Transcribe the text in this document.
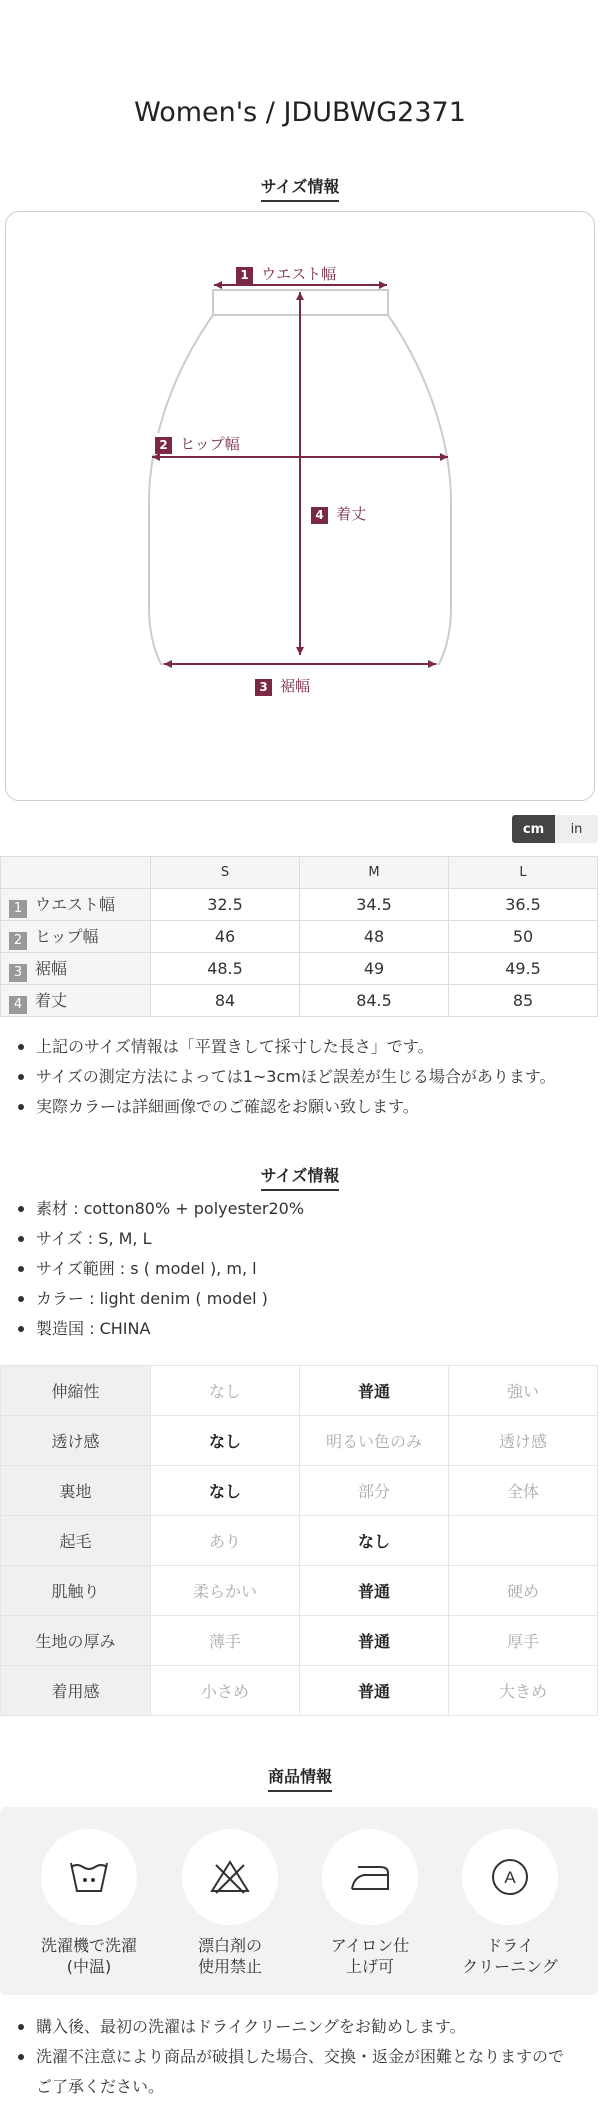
Women's / JDUBWG2371
サイズ情報
1 ウエスト幅
2 ヒップ幅
4 着丈
3 裾幅
cm	in
	S	M	L
1 ウエスト幅	32.5	34.5	36.5
2 ヒップ幅	46	48	50
3 裾幅	48.5	49	49.5
4 着丈	84	84.5	85
上記のサイズ情報は「平置きして採寸した長さ」です。
サイズの測定方法によっては1~3cmほど誤差が生じる場合があります。
実際カラーは詳細画像でのご確認をお願い致します。
サイズ情報
素材 : cotton80% + polyester20%
サイズ : S, M, L
サイズ範囲 : s ( model ), m, l
カラー : light denim ( model )
製造国 : CHINA
伸縮性	なし	普通	強い
透け感	なし	明るい色のみ	透け感
裏地	なし	部分	全体
起毛	あり	なし	
肌触り	柔らかい	普通	硬め
生地の厚み	薄手	普通	厚手
着用感	小さめ	普通	大きめ
商品情報
洗濯機で洗濯
(中温)
漂白剤の
使用禁止
アイロン仕
上げ可
A
ドライ
クリーニング
購入後、最初の洗濯はドライクリーニングをお勧めします。
洗濯不注意により商品が破損した場合、交換・返金が困難となりますので
ご了承ください。
